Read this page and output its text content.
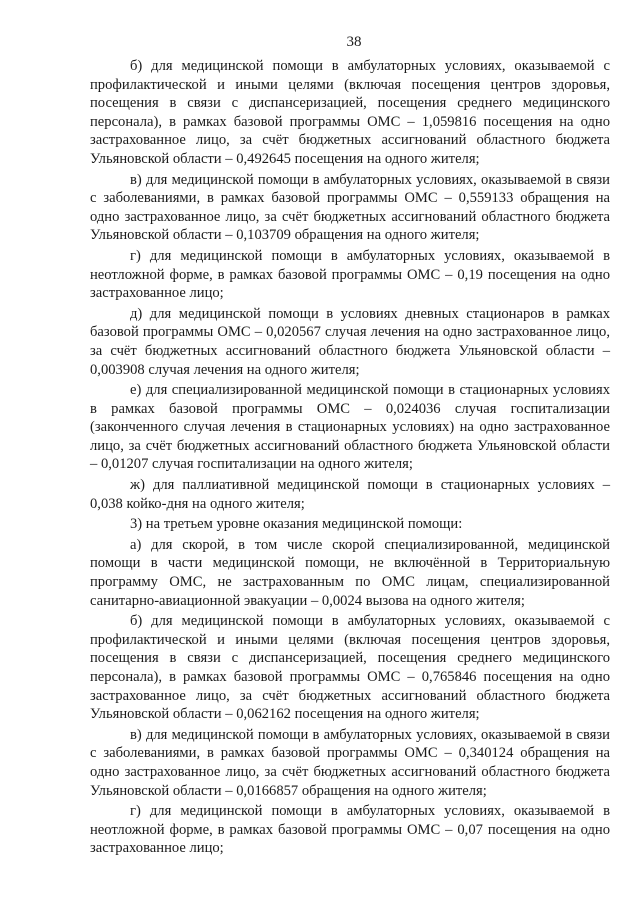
38

б) для медицинской помощи в амбулаторных условиях, оказываемой с профилактической и иными целями (включая посещения центров здоровья, посещения в связи с диспансеризацией, посещения среднего медицинского персонала), в рамках базовой программы ОМС – 1,059816 посещения на одно застрахованное лицо, за счёт бюджетных ассигнований областного бюджета Ульяновской области – 0,492645 посещения на одного жителя;

в) для медицинской помощи в амбулаторных условиях, оказываемой в связи с заболеваниями, в рамках базовой программы ОМС – 0,559133 обращения на одно застрахованное лицо, за счёт бюджетных ассигнований областного бюджета Ульяновской области – 0,103709 обращения на одного жителя;

г) для медицинской помощи в амбулаторных условиях, оказываемой в неотложной форме, в рамках базовой программы ОМС – 0,19 посещения на одно застрахованное лицо;

д) для медицинской помощи в условиях дневных стационаров в рамках базовой программы ОМС – 0,020567 случая лечения на одно застрахованное лицо, за счёт бюджетных ассигнований областного бюджета Ульяновской области – 0,003908 случая лечения на одного жителя;

е) для специализированной медицинской помощи в стационарных условиях в рамках базовой программы ОМС – 0,024036 случая госпитализации (законченного случая лечения в стационарных условиях) на одно застрахованное лицо, за счёт бюджетных ассигнований областного бюджета Ульяновской области – 0,01207 случая госпитализации на одного жителя;

ж) для паллиативной медицинской помощи в стационарных условиях – 0,038 койко-дня на одного жителя;

3) на третьем уровне оказания медицинской помощи:

а) для скорой, в том числе скорой специализированной, медицинской помощи в части медицинской помощи, не включённой в Территориальную программу ОМС, не застрахованным по ОМС лицам, специализированной санитарно-авиационной эвакуации – 0,0024 вызова на одного жителя;

б) для медицинской помощи в амбулаторных условиях, оказываемой с профилактической и иными целями (включая посещения центров здоровья, посещения в связи с диспансеризацией, посещения среднего медицинского персонала), в рамках базовой программы ОМС – 0,765846 посещения на одно застрахованное лицо, за счёт бюджетных ассигнований областного бюджета Ульяновской области – 0,062162 посещения на одного жителя;

в) для медицинской помощи в амбулаторных условиях, оказываемой в связи с заболеваниями, в рамках базовой программы ОМС – 0,340124 обращения на одно застрахованное лицо, за счёт бюджетных ассигнований областного бюджета Ульяновской области – 0,0166857 обращения на одного жителя;

г) для медицинской помощи в амбулаторных условиях, оказываемой в неотложной форме, в рамках базовой программы ОМС – 0,07 посещения на одно застрахованное лицо;
